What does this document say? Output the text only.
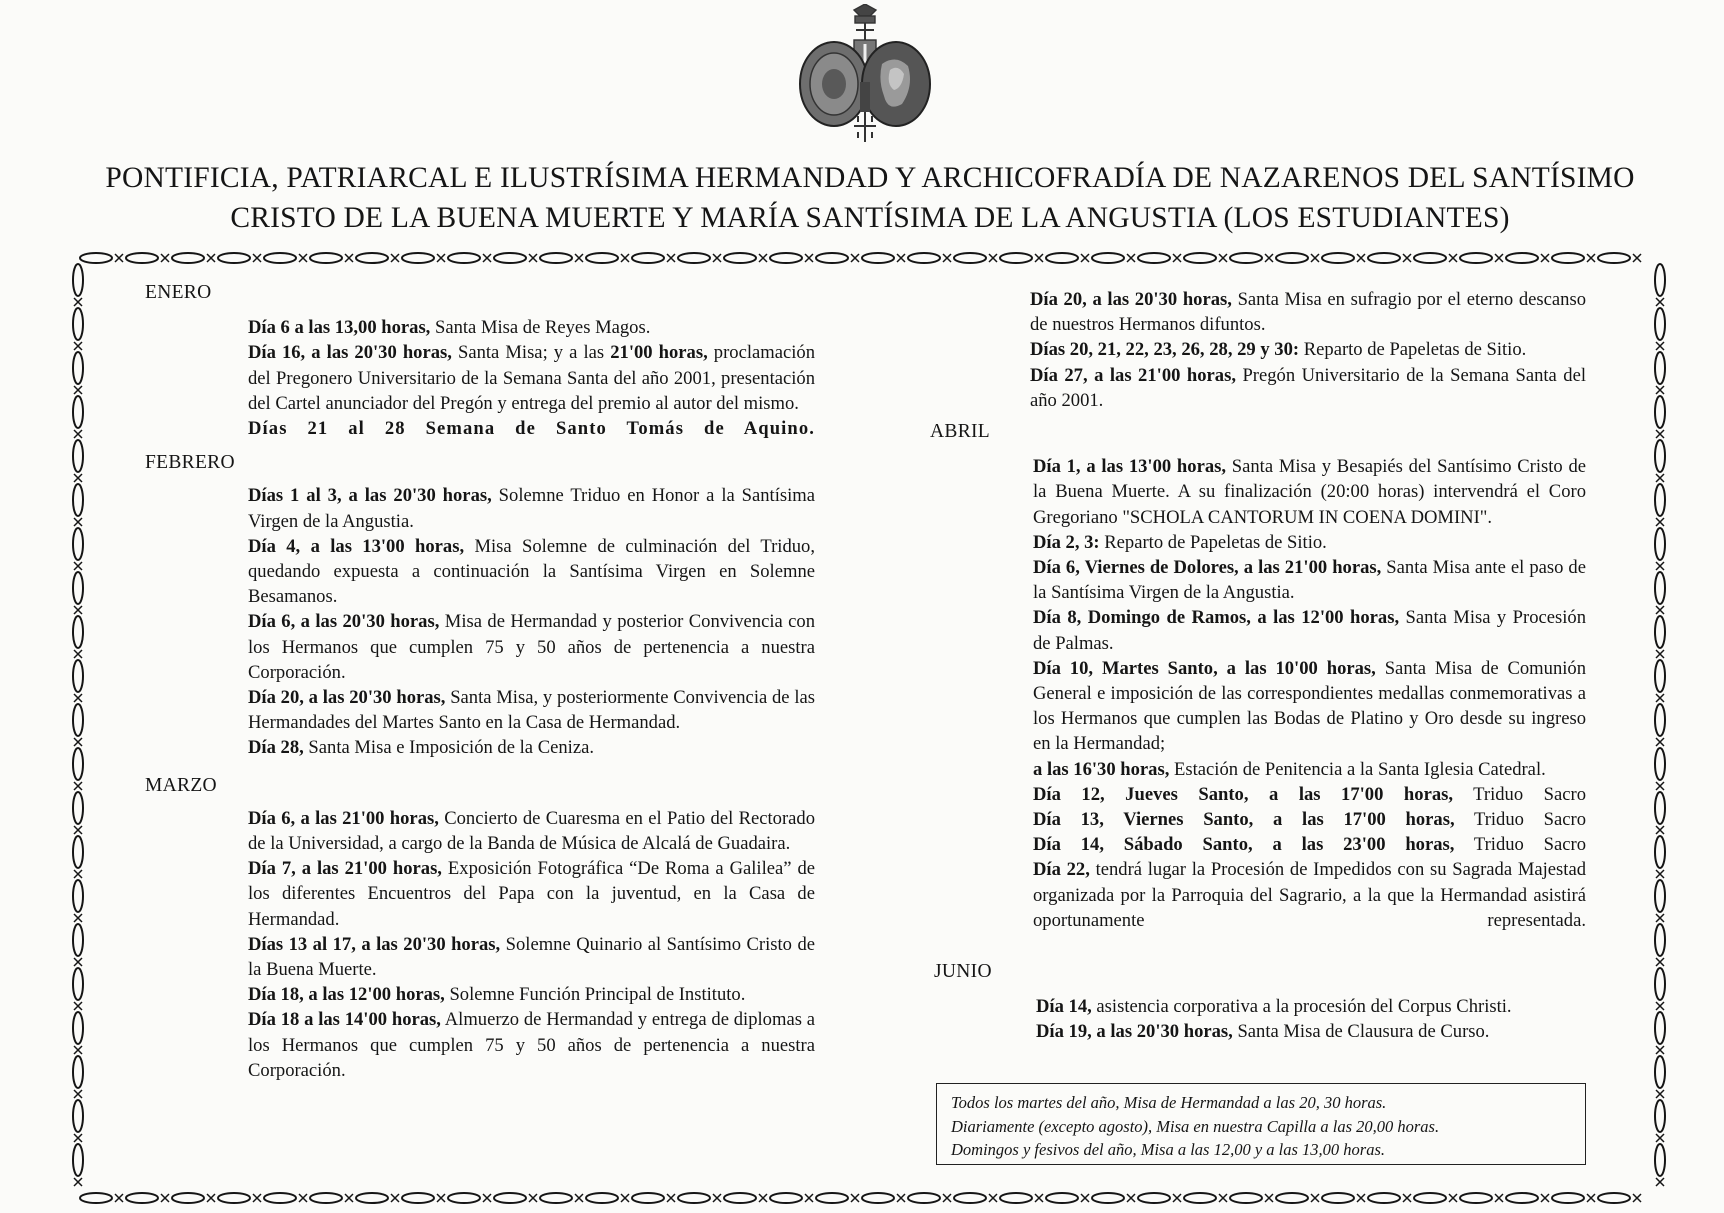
PONTIFICIA, PATRIARCAL E ILUSTRÍSIMA HERMANDAD Y ARCHICOFRADÍA DE NAZARENOS DEL SANTÍSIMO
CRISTO DE LA BUENA MUERTE Y MARÍA SANTÍSIMA DE LA ANGUSTIA (LOS ESTUDIANTES)
ENERO
Día 6 a las 13,00 horas, Santa Misa de Reyes Magos.
Día 16, a las 20'30 horas, Santa Misa; y a las 21'00 horas, proclamación del Pregonero Universitario de la Semana Santa del año 2001, presentación del Cartel anunciador del Pregón y entrega del premio al autor del mismo.
Días 21 al 28 Semana de Santo Tomás de Aquino.
FEBRERO
Días 1 al 3, a las 20'30 horas, Solemne Triduo en Honor a la Santísima Virgen de la Angustia.
Día 4, a las 13'00 horas, Misa Solemne de culminación del Triduo, quedando expuesta a continuación la Santísima Virgen en Solemne Besamanos.
Día 6, a las 20'30 horas, Misa de Hermandad y posterior Convivencia con los Hermanos que cumplen 75 y 50 años de pertenencia a nuestra Corporación.
Día 20, a las 20'30 horas, Santa Misa, y posteriormente Convivencia de las Hermandades del Martes Santo en la Casa de Hermandad.
Día 28, Santa Misa e Imposición de la Ceniza.
MARZO
Día 6, a las 21'00 horas, Concierto de Cuaresma en el Patio del Rectorado de la Universidad, a cargo de la Banda de Música de Alcalá de Guadaira.
Día 7, a las 21'00 horas, Exposición Fotográfica “De Roma a Galilea” de los diferentes Encuentros del Papa con la juventud, en la Casa de Hermandad.
Días 13 al 17, a las 20'30 horas, Solemne Quinario al Santísimo Cristo de la Buena Muerte.
Día 18, a las 12'00 horas, Solemne Función Principal de Instituto.
Día 18 a las 14'00 horas, Almuerzo de Hermandad y entrega de diplomas a los Hermanos que cumplen 75 y 50 años de pertenencia a nuestra Corporación.
Día 20, a las 20'30 horas, Santa Misa en sufragio por el eterno descanso de nuestros Hermanos difuntos.
Días 20, 21, 22, 23, 26, 28, 29 y 30: Reparto de Papeletas de Sitio.
Día 27, a las 21'00 horas, Pregón Universitario de la Semana Santa del año 2001.
ABRIL
Día 1, a las 13'00 horas, Santa Misa y Besapiés del Santísimo Cristo de la Buena Muerte. A su finalización (20:00 horas) intervendrá el Coro Gregoriano "SCHOLA CANTORUM IN COENA DOMINI".
Día 2, 3: Reparto de Papeletas de Sitio.
Día 6, Viernes de Dolores, a las 21'00 horas, Santa Misa ante el paso de la Santísima Virgen de la Angustia.
Día 8, Domingo de Ramos, a las 12'00 horas, Santa Misa y Procesión de Palmas.
Día 10, Martes Santo, a las 10'00 horas, Santa Misa de Comunión General e imposición de las correspondientes medallas conmemorativas a los Hermanos que cumplen las Bodas de Platino y Oro desde su ingreso en la Hermandad;
a las 16'30 horas, Estación de Penitencia a la Santa Iglesia Catedral.
Día 12, Jueves Santo, a las 17'00 horas, Triduo Sacro
Día 13, Viernes Santo, a las 17'00 horas, Triduo Sacro
Día 14, Sábado Santo, a las 23'00 horas, Triduo Sacro
Día 22, tendrá lugar la Procesión de Impedidos con su Sagrada Majestad organizada por la Parroquia del Sagrario, a la que la Hermandad asistirá oportunamente representada.
JUNIO
Día 14, asistencia corporativa a la procesión del Corpus Christi.
Día 19, a las 20'30 horas, Santa Misa de Clausura de Curso.

Todos los martes del año, Misa de Hermandad a las 20, 30 horas.

Diariamente (excepto agosto), Misa en nuestra Capilla a las 20,00 horas.

Domingos y fesivos del año, Misa a las 12,00 y a las 13,00 horas.
